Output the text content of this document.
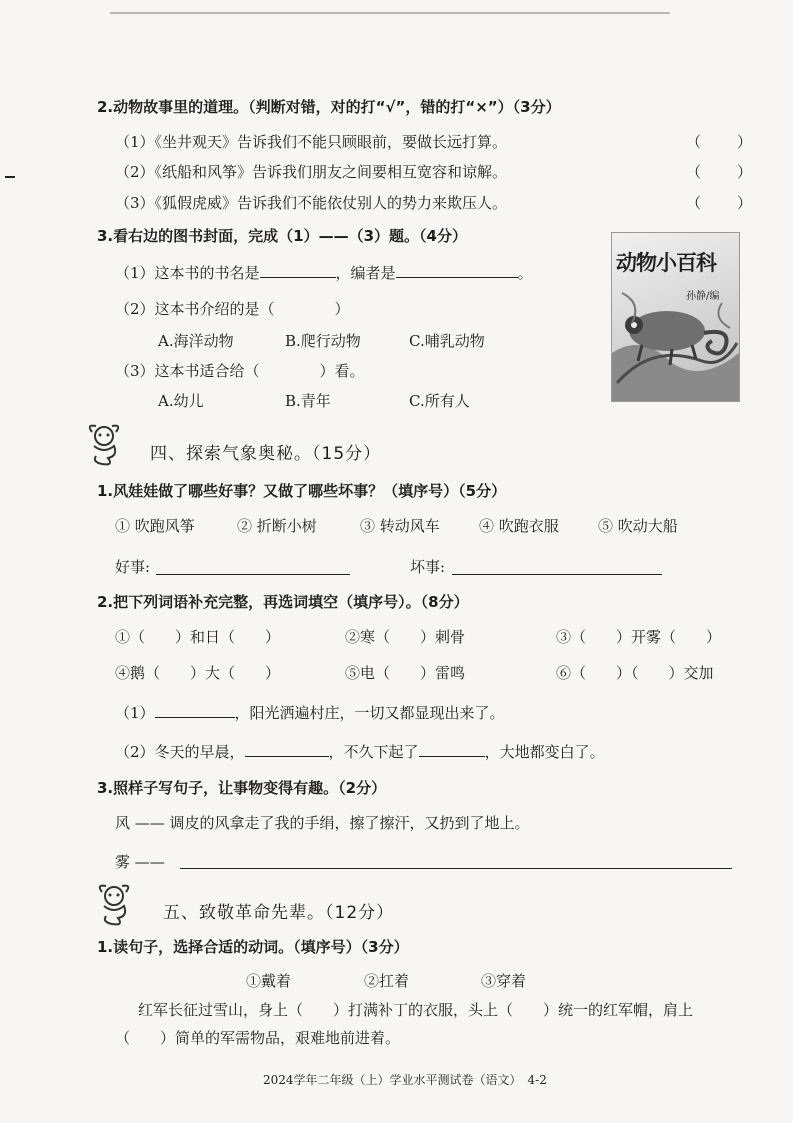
2.动物故事里的道理。（判断对错，对的打“√”，错的打“×”）（3分）
（1）《坐井观天》告诉我们不能只顾眼前，要做长远打算。	（　　）
（2）《纸船和风筝》告诉我们朋友之间要相互宽容和谅解。	（　　）
（3）《狐假虎威》告诉我们不能依仗别人的势力来欺压人。	（　　）
3.看右边的图书封面，完成（1）——（3）题。（4分）
（1）这本书的书名是	，编者是	。
（2）这本书介绍的是（　　　　）
A.海洋动物	B.爬行动物	C.哺乳动物
（3）这本书适合给（　　　　）看。
A.幼儿	B.青年	C.所有人
动物小百科
孙静/编
四、探索气象奥秘。（15分）
1.风娃娃做了哪些好事？又做了哪些坏事？（填序号）（5分）
① 吹跑风筝	② 折断小树	③ 转动风车	④ 吹跑衣服	⑤ 吹动大船
好事:	坏事:
2.把下列词语补充完整，再选词填空（填序号）。（8分）
①（　　）和日（　　）	②寒（　　）刺骨	③（　　）开雾（　　）
④鹅（　　）大（　　）	⑤电（　　）雷鸣	⑥（　　）（　　）交加
（1）	，阳光洒遍村庄，一切又都显现出来了。
（2）冬天的早晨，	，不久下起了	，大地都变白了。
3.照样子写句子，让事物变得有趣。（2分）
风 —— 调皮的风拿走了我的手绢，擦了擦汗，又扔到了地上。
雾 ——
五、致敬革命先辈。（12分）
1.读句子，选择合适的动词。（填序号）（3分）
①戴着	②扛着	③穿着
红军长征过雪山，身上（　　）打满补丁的衣服，头上（　　）统一的红军帽，肩上
（　　）简单的军需物品，艰难地前进着。
2024学年二年级（上）学业水平测试卷（语文）　4-2
